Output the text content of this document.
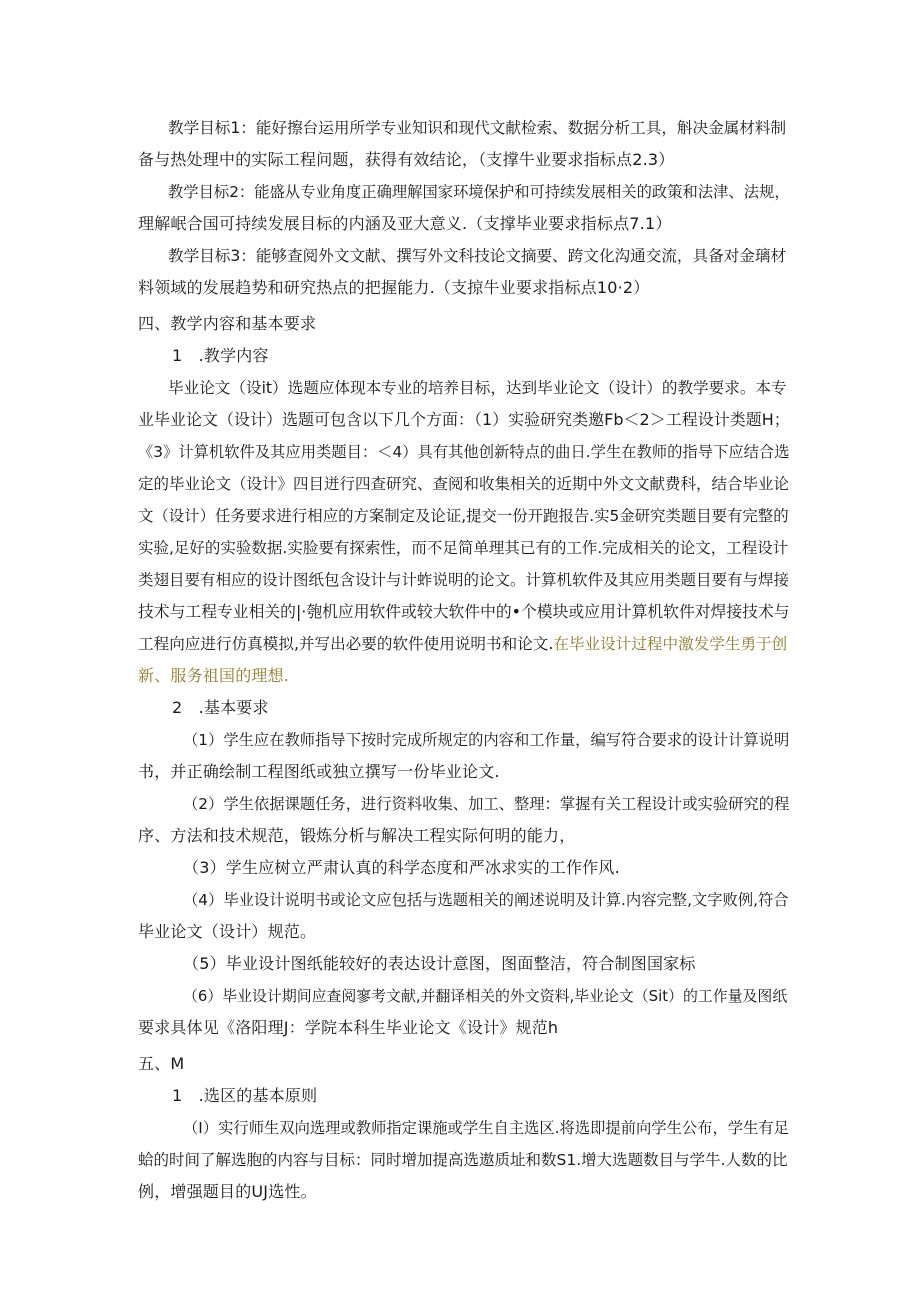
教学目标1：能好擦台运用所学专业知识和现代文献检索、数据分析工具，斛决金属材料制
备与热处理中的实际工程问题，获得有效结论，（支撑牛业要求指标点2.3）
教学目标2：能盛从专业角度正确理解国家环境保护和可持续发展相关的政策和法津、法规，
理解岷合国可持续发展目标的内涵及亚大意义.（支撑毕业要求指标点7.1）
教学目标3：能够查阅外文文献、撰写外文科技论文摘要、跨文化沟通交流，具备对金璃材
料领域的发展趋势和研究热点的把握能力.（支掠牛业要求指标点10·2）
四、教学内容和基本要求
1　.教学内容
毕业论文（设it）选题应体现本专业的培养目标，达到毕业论文（设计）的教学要求。本专
业毕业论文（设计）选题可包含以下几个方面：（1）实验研究类邀Fb＜2＞工程设计类题H；
《3》计算机软件及其应用类题目：＜4）具有其他创新特点的曲日.学生在教师的指导下应结合选
定的毕业论文（设计》四目迸行四查研究、查阅和收集相关的近期中外文文献费科，结合毕业论
文（设计）任务要求进行相应的方案制定及论证,提交一份开跑报告.实5金研究类题目要有完整的
实验,足好的实验数据.实脸要有探索性，而不足简单理其已有的工作.完成相关的论文，工程设计
类翅目要有相应的设计图纸包含设计与计蚱说明的论文。计算机软件及其应用类题目要有与焊接
技术与工程专业相关的|·匏机应用软件或较大软件中的•个模块或应用计算机软件对焊接技术与
工程向应进行仿真模拟,并写出必要的软件使用说明书和论文.在毕业设计过程中激发学生勇于创
新、服务祖国的理想.
2　.基本要求
（1）学生应在教师指导下按时完成所规定的内容和工作量，编写符合要求的设计计算说明
书，并正确绘制工程图纸或独立撰写一份毕业论文.
（2）学生依据课题任务，进行资料收集、加工、整理：掌握有关工程设计或实验研究的程
序、方法和技术规范，锻炼分析与解决工程实际何明的能力，
（3）学生应树立严肃认真的科学态度和严冰求实的工作作风.
（4）毕业设计说明书或论文应包括与选题相关的阐述说明及计算.内容完整,文字败例,符合
毕业论文（设计）规范。
（5）毕业设计图纸能较好的表达设计意图，图面整洁，符合制图国家标
（6）毕业设计期间应查阅寥考文献,并翻译相关的外文资料,毕业论文（Sit）的工作量及图纸
要求具体见《洛阳理J：学院本科生毕业论文《设计》规范h
五、M
1　.选区的基本原则
（I）实行师生双向选理或教师指定课施或学生自主选区.将选即提前向学生公布，学生有足
蛤的时间了解选胞的内容与目标：同时增加提高选遨质址和数S1.增大选题数目与学牛.人数的比
例，增强题目的UJ选性。
